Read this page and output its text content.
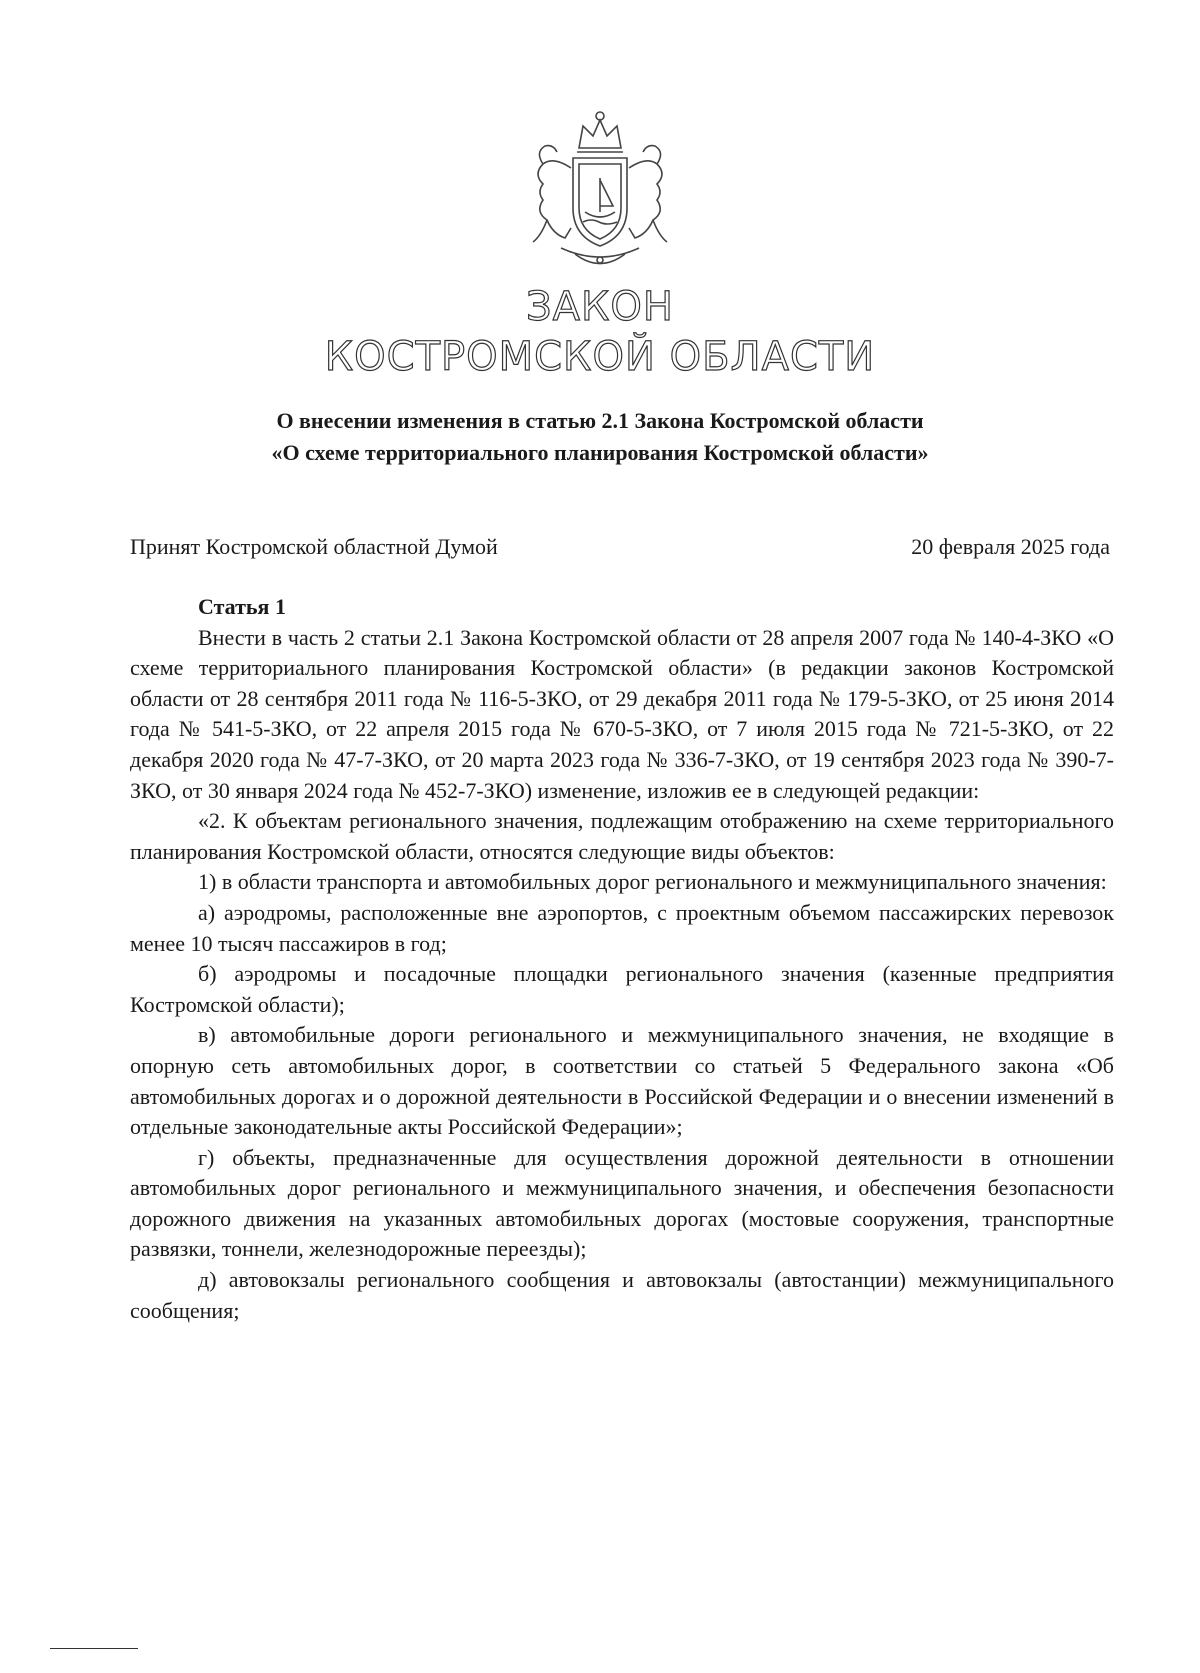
ЗАКОН
КОСТРОМСКОЙ ОБЛАСТИ
О внесении изменения в статью 2.1 Закона Костромской области
«О схеме территориального планирования Костромской области»
Принят Костромской областной Думой	20 февраля 2025 года
Статья 1

Внести в часть 2 статьи 2.1 Закона Костромской области от 28 апреля 2007 года № 140-4-ЗКО «О схеме территориального планирования Костромской области» (в редакции законов Костромской области от 28 сентября 2011 года № 116-5-ЗКО, от 29 декабря 2011 года № 179-5-ЗКО, от 25 июня 2014 года № 541-5-ЗКО, от 22 апреля 2015 года № 670-5-ЗКО, от 7 июля 2015 года № 721-5-ЗКО, от 22 декабря 2020 года № 47-7-ЗКО, от 20 марта 2023 года № 336-7-ЗКО, от 19 сентября 2023 года № 390-7-ЗКО, от 30 января 2024 года № 452-7-ЗКО) изменение, изложив ее в следующей редакции:

«2. К объектам регионального значения, подлежащим отображению на схеме территориального планирования Костромской области, относятся следующие виды объектов:

1) в области транспорта и автомобильных дорог регионального и межмуниципального значения:

а) аэродромы, расположенные вне аэропортов, с проектным объемом пассажирских перевозок менее 10 тысяч пассажиров в год;

б) аэродромы и посадочные площадки регионального значения (казенные предприятия Костромской области);

в) автомобильные дороги регионального и межмуниципального значения, не входящие в опорную сеть автомобильных дорог, в соответствии со статьей 5 Федерального закона «Об автомобильных дорогах и о дорожной деятельности в Российской Федерации и о внесении изменений в отдельные законодательные акты Российской Федерации»;

г) объекты, предназначенные для осуществления дорожной деятельности в отношении автомобильных дорог регионального и межмуниципального значения, и обеспечения безопасности дорожного движения на указанных автомобильных дорогах (мостовые сооружения, транспортные развязки, тоннели, железнодорожные переезды);

д) автовокзалы регионального сообщения и автовокзалы (автостанции) межмуниципального сообщения;
